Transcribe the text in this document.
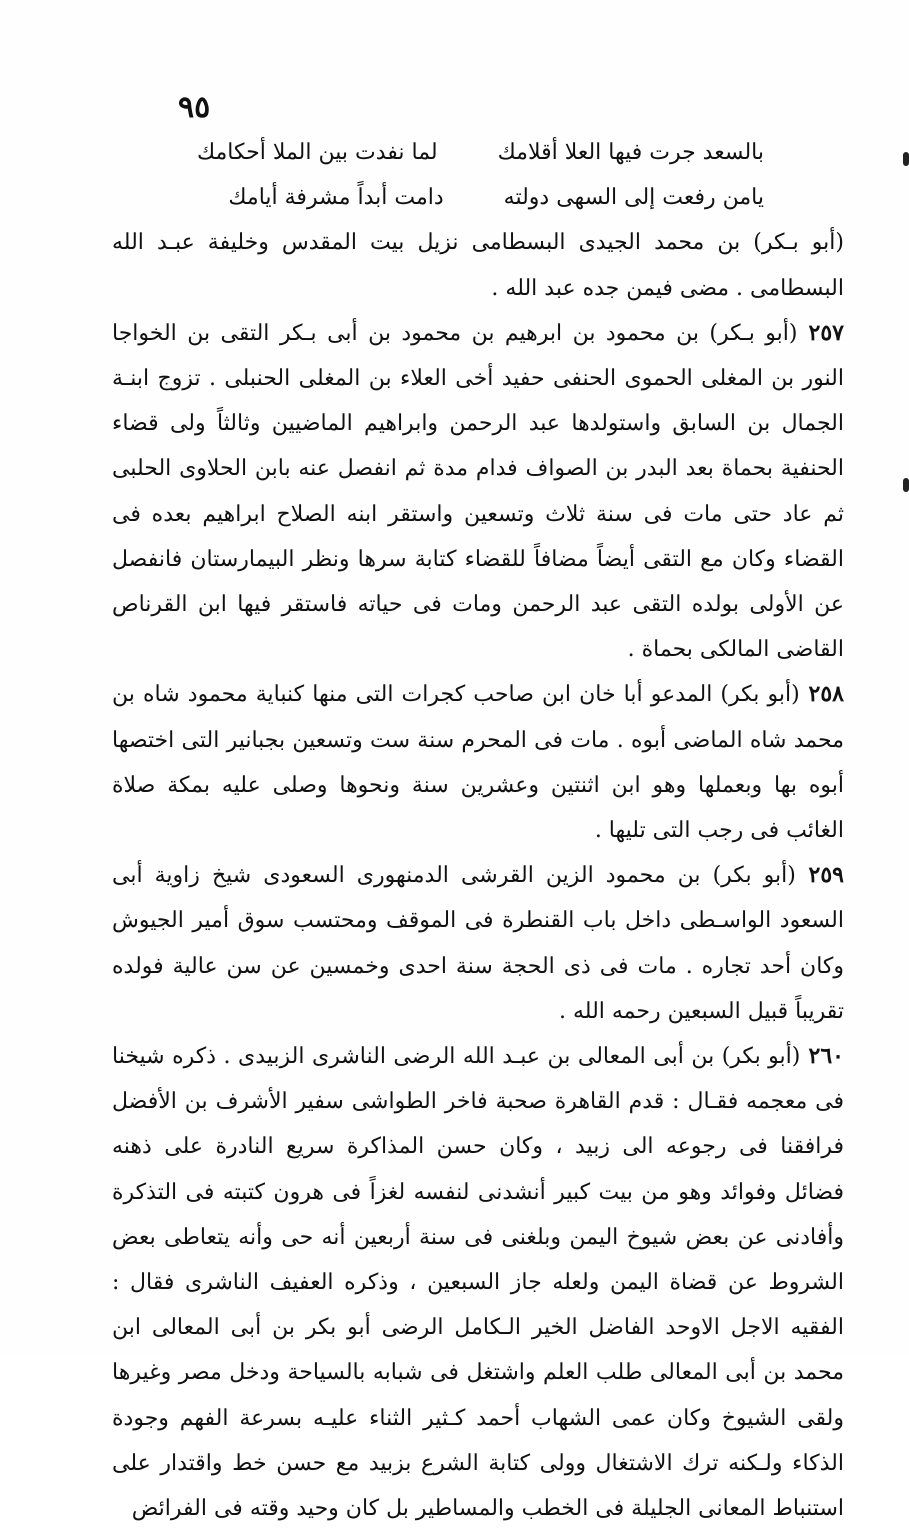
٩٥
بالسعد جرت فيها العلا أقلامك
لما نفدت بين الملا أحكامك
يامن رفعت إلى السهى دولته
دامت أبداً مشرفة أيامك

(أبو بـكر) بن محمد الجيدى البسطامى نزيل بيت المقدس وخليفة عبـد الله البسطامى . مضى فيمن جده عبد الله .

٢٥٧ (أبو بـكر) بن محمود بن ابرهيم بن محمود بن أبى بـكر التقى بن الخواجا النور بن المغلى الحموى الحنفى حفيد أخى العلاء بن المغلى الحنبلى . تزوج ابنـة الجمال بن السابق واستولدها عبد الرحمن وابراهيم الماضيين وثالثاً ولى قضاء الحنفية بحماة بعد البدر بن الصواف فدام مدة ثم انفصل عنه بابن الحلاوى الحلبى ثم عاد حتى مات فى سنة ثلاث وتسعين واستقر ابنه الصلاح ابراهيم بعده فى القضاء وكان مع التقى أيضاً مضافاً للقضاء كتابة سرها ونظر البيمارستان فانفصل عن الأولى بولده التقى عبد الرحمن ومات فى حياته فاستقر فيها ابن القرناص القاضى المالكى بحماة .

٢٥٨ (أبو بكر) المدعو أبا خان ابن صاحب كجرات التى منها كنباية محمود شاه بن محمد شاه الماضى أبوه . مات فى المحرم سنة ست وتسعين بجبانير التى اختصها أبوه بها وبعملها وهو ابن اثنتين وعشرين سنة ونحوها وصلى عليه بمكة صلاة الغائب فى رجب التى تليها .

٢٥٩ (أبو بكر) بن محمود الزين القرشى الدمنهورى السعودى شيخ زاوية أبى السعود الواسـطى داخل باب القنطرة فى الموقف ومحتسب سوق أمير الجيوش وكان أحد تجاره . مات فى ذى الحجة سنة احدى وخمسين عن سن عالية فولده تقريباً قبيل السبعين رحمه الله .

٢٦٠ (أبو بكر) بن أبى المعالى بن عبـد الله الرضى الناشرى الزبيدى . ذكره شيخنا فى معجمه فقـال : قدم القاهرة صحبة فاخر الطواشى سفير الأشرف بن الأفضل فرافقنا فى رجوعه الى زبيد ، وكان حسن المذاكرة سريع النادرة على ذهنه فضائل وفوائد وهو من بيت كبير أنشدنى لنفسه لغزاً فى هرون كتبته فى التذكرة وأفادنى عن بعض شيوخ اليمن وبلغنى فى سنة أربعين أنه حى وأنه يتعاطى بعض الشروط عن قضاة اليمن ولعله جاز السبعين ، وذكره العفيف الناشرى فقال : الفقيه الاجل الاوحد الفاضل الخير الـكامل الرضى أبو بكر بن أبى المعالى ابن محمد بن أبى المعالى طلب العلم واشتغل فى شبابه بالسياحة ودخل مصر وغيرها ولقى الشيوخ وكان عمى الشهاب أحمد كـثير الثناء عليـه بسرعة الفهم وجودة الذكاء ولـكنه ترك الاشتغال وولى كتابة الشرع بزبيد مع حسن خط واقتدار على استنباط المعانى الجليلة فى الخطب والمساطير بل كان وحيد وقته فى الفرائض
